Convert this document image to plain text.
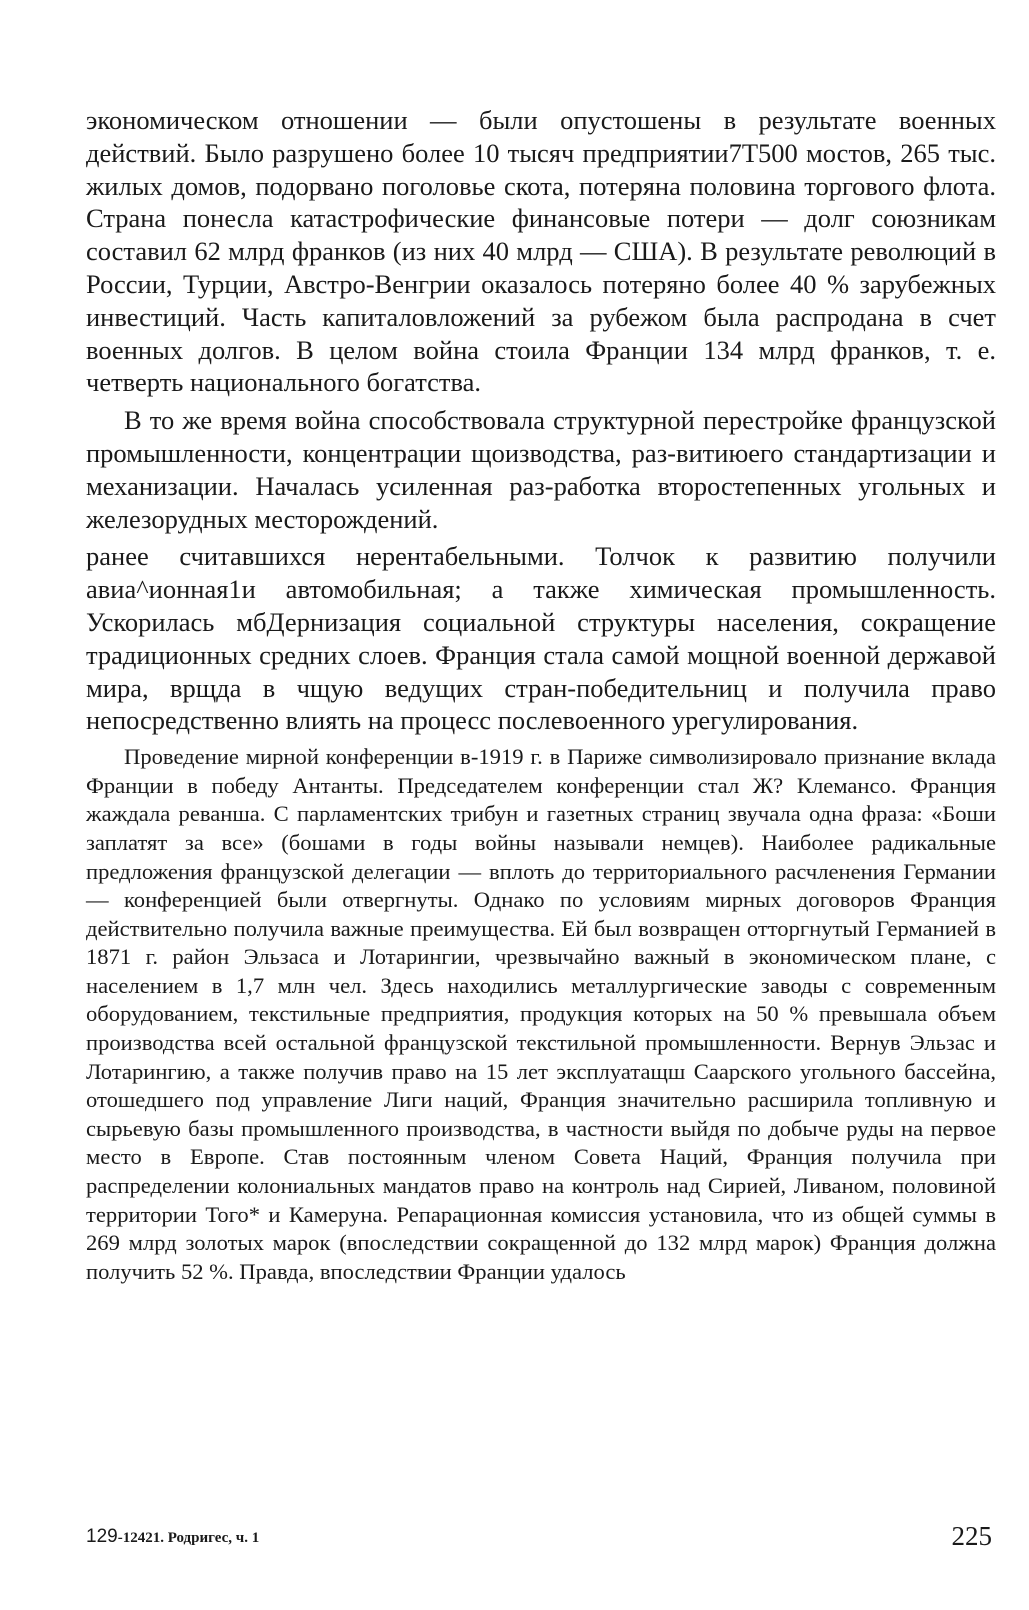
экономическом отношении — были опустошены в результате военных действий. Было разрушено более 10 тысяч предприятии7Т500 мостов, 265 тыс. жилых домов, подорвано поголовье скота, потеряна половина торгового флота. Страна понесла катастрофические финансовые потери — долг союзникам составил 62 млрд франков (из них 40 млрд — США). В результате революций в России, Турции, Австро-Венгрии оказалось потеряно более 40 % зарубежных инвестиций. Часть капиталовложений за рубежом была распродана в счет военных долгов. В целом война стоила Франции 134 млрд франков, т. е. четверть национального богатства.

В то же время война способствовала структурной перестройке французской промышленности, концентрации щоизводства, раз-витиюего стандартизации и механизации. Началась усиленная раз-работка второстепенных угольных и железорудных месторождений.

ранее считавшихся нерентабельными. Толчок к развитию получили авиа^ионная1и автомобильная; а также химическая промышленность. Ускорилась мбДернизация социальной структуры населения, сокращение традиционных средних слоев. Франция стала самой мощной военной державой мира, врщда в чщую ведущих стран-победительниц и получила право непосредственно влиять на процесс послевоенного урегулирования.

Проведение мирной конференции в-1919 г. в Париже символизировало признание вклада Франции в победу Антанты. Председателем конференции стал Ж? Клемансо. Франция жаждала реванша. С парламентских трибун и газетных страниц звучала одна фраза: «Боши заплатят за все» (бошами в годы войны называли немцев). Наиболее радикальные предложения французской делегации — вплоть до территориального расчленения Германии — конференцией были отвергнуты. Однако по условиям мирных договоров Франция действительно получила важные преимущества. Ей был возвращен отторгнутый Германией в 1871 г. район Эльзаса и Лотарингии, чрезвычайно важный в экономическом плане, с населением в 1,7 млн чел. Здесь находились металлургические заводы с современным оборудованием, текстильные предприятия, продукция которых на 50 % превышала объем производства всей остальной французской текстильной промышленности. Вернув Эльзас и Лотарингию, а также получив право на 15 лет эксплуатащш Саарского угольного бассейна, отошедшего под управление Лиги наций, Франция значительно расширила топливную и сырьевую базы промышленного производства, в частности выйдя по добыче руды на первое место в Европе. Став постоянным членом Совета Наций, Франция получила при распределении колониальных мандатов право на контроль над Сирией, Ливаном, половиной территории Того* и Камеруна. Репарационная комиссия установила, что из общей суммы в 269 млрд золотых марок (впоследствии сокращенной до 132 млрд марок) Франция должна получить 52 %. Правда, впоследствии Франции удалось

129-12421. Родригес, ч. 1	225
